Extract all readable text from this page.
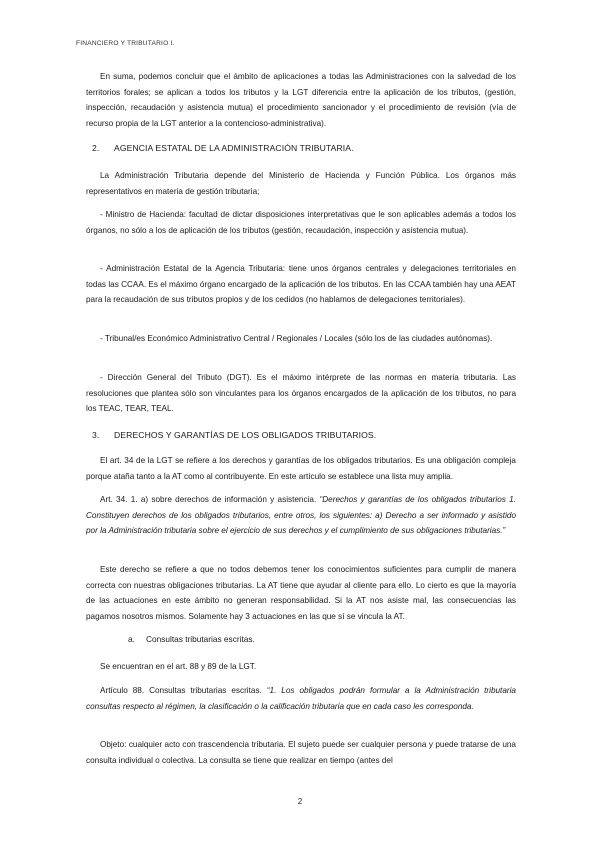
FINANCIERO Y TRIBUTARIO I.

En suma, podemos concluir que el ámbito de aplicaciones a todas las Administraciones con la salvedad de los territorios forales; se aplican a todos los tributos y la LGT diferencia entre la aplicación de los tributos, (gestión, inspección, recaudación y asistencia mutua) el procedimiento sancionador y el procedimiento de revisión (vía de recurso propia de la LGT anterior a la contencioso-administrativa).

2. AGENCIA ESTATAL DE LA ADMINISTRACIÓN TRIBUTARIA.

La Administración Tributaria depende del Ministerio de Hacienda y Función Pública. Los órganos más representativos en materia de gestión tributaria;

- Ministro de Hacienda: facultad de dictar disposiciones interpretativas que le son aplicables además a todos los órganos, no sólo a los de aplicación de los tributos (gestión, recaudación, inspección y asistencia mutua).

- Administración Estatal de la Agencia Tributaria: tiene unos órganos centrales y delegaciones territoriales en todas las CCAA. Es el máximo órgano encargado de la aplicación de los tributos. En las CCAA también hay una AEAT para la recaudación de sus tributos propios y de los cedidos (no hablamos de delegaciones territoriales).

- Tribunal/es Económico Administrativo Central / Regionales / Locales (sólo los de las ciudades autónomas).

- Dirección General del Tributo (DGT). Es el máximo intérprete de las normas en materia tributaria. Las resoluciones que plantea sólo son vinculantes para los órganos encargados de la aplicación de los tributos, no para los TEAC, TEAR, TEAL.

3. DERECHOS Y GARANTÍAS DE LOS OBLIGADOS TRIBUTARIOS.

El art. 34 de la LGT se refiere a los derechos y garantías de los obligados tributarios. Es una obligación compleja porque ataña tanto a la AT como al contribuyente. En este artículo se establece una lista muy amplia.

Art. 34. 1. a) sobre derechos de información y asistencia. “Derechos y garantías de los obligados tributarios 1. Constituyen derechos de los obligados tributarios, entre otros, los siguientes: a) Derecho a ser informado y asistido por la Administración tributaria sobre el ejercicio de sus derechos y el cumplimiento de sus obligaciones tributarias.”

Este derecho se refiere a que no todos debemos tener los conocimientos suficientes para cumplir de manera correcta con nuestras obligaciones tributarias. La AT tiene que ayudar al cliente para ello. Lo cierto es que la mayoría de las actuaciones en este ámbito no generan responsabilidad. Si la AT nos asiste mal, las consecuencias las pagamos nosotros mismos. Solamente hay 3 actuaciones en las que sí se vincula la AT.

a. Consultas tributarias escritas.

Se encuentran en el art. 88 y 89 de la LGT.

Artículo 88. Consultas tributarias escritas. “1. Los obligados podrán formular a la Administración tributaria consultas respecto al régimen, la clasificación o la calificación tributaria que en cada caso les corresponda.

Objeto: cualquier acto con trascendencia tributaria. El sujeto puede ser cualquier persona y puede tratarse de una consulta individual o colectiva. La consulta se tiene que realizar en tiempo (antes del

2
